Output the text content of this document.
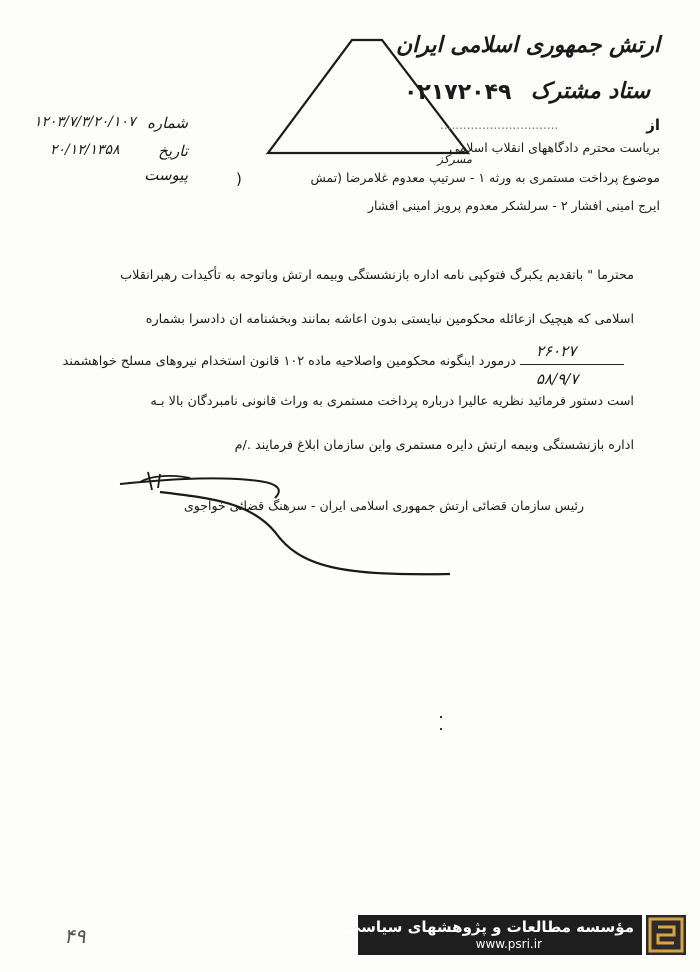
ارتش جمهوری اسلامی ایران
ستاد مشترک
۰۲۱۷۲۰۴۹
شماره
۱۲۰۳/۷/۳/۲۰/۱۰۷
تاریخ
۲۰/۱۲/۱۳۵۸
پیوست
از
...............................
بریاست محترم دادگاههای انقلاب اسلامی
مسرکز
موضوع پرداخت مستمری به ورثه ۱ - سرتیپ معدوم غلامرضا (تمش
)
ایرج امینی افشار ۲ - سرلشکر معدوم پرویز امینی افشار
محترما " باتقدیم یکبرگ فتوکپی نامه اداره بازنشستگی وبیمه ارتش وباتوجه به تأکیدات رهبرانقلاب
اسلامی که هیچیک ازعائله محکومین نبایستی بدون اعاشه بمانند وبخشنامه ان دادسرا بشماره
۲۶۰۲۷
۵۸/۹/۷
درمورد اینگونه محکومین واصلاحیه ماده ۱۰۲ قانون استخدام نیروهای مسلح خواهشمند
است دستور فرمائید نظریه عالیرا درباره پرداخت مستمری به وراث قانونی نامبردگان بالا بـه
اداره بازنشستگی وبیمه ارتش دایره مستمری واین سازمان ابلاغ فرمایند ./م
رئیس سازمان قضائی ارتش جمهوری اسلامی ایران - سرهنگ قضائی خواجوی
۴۹	مؤسسه مطالعات و پژوهشهای سیاسی
www.psri.ir
